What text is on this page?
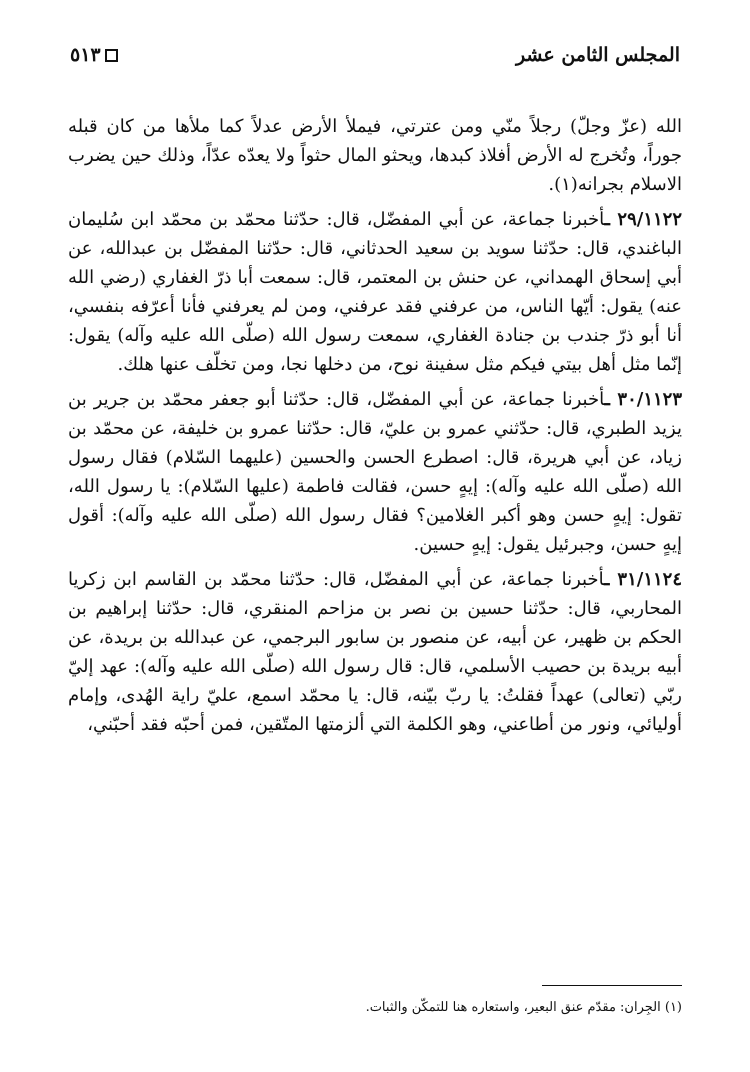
المجلس الثامن عشر
٥١٣

الله (عزّ وجلّ) رجلاً منّي ومن عترتي، فيملأ الأرض عدلاً كما ملأها من كان قبله جوراً، وتُخرج له الأرض أفلاذ كبدها، ويحثو المال حثواً ولا يعدّه عدّاً، وذلك حين يضرب الاسلام بجرانه(١).

٢٩/١١٢٢ ـأخبرنا جماعة، عن أبي المفضّل، قال: حدّثنا محمّد بن محمّد ابن سُليمان الباغندي، قال: حدّثنا سويد بن سعيد الحدثاني، قال: حدّثنا المفضّل بن عبدالله، عن أبي إسحاق الهمداني، عن حنش بن المعتمر، قال: سمعت أبا ذرّ الغفاري (رضي الله عنه) يقول: أيّها الناس، من عرفني فقد عرفني، ومن لم يعرفني فأنا أعرّفه بنفسي، أنا أبو ذرّ جندب بن جنادة الغفاري، سمعت رسول الله (صلّى الله عليه وآله) يقول: إنّما مثل أهل بيتي فيكم مثل سفينة نوح، من دخلها نجا، ومن تخلّف عنها هلك.

٣٠/١١٢٣ ـأخبرنا جماعة، عن أبي المفضّل، قال: حدّثنا أبو جعفر محمّد بن جرير بن يزيد الطبري، قال: حدّثني عمرو بن عليّ، قال: حدّثنا عمرو بن خليفة، عن محمّد بن زياد، عن أبي هريرة، قال: اصطرع الحسن والحسين (عليهما السّلام) فقال رسول الله (صلّى الله عليه وآله): إيهٍ حسن، فقالت فاطمة (عليها السّلام): يا رسول الله، تقول: إيهٍ حسن وهو أكبر الغلامين؟ فقال رسول الله (صلّى الله عليه وآله): أقول إيهٍ حسن، وجبرئيل يقول: إيهٍ حسين.

٣١/١١٢٤ ـأخبرنا جماعة، عن أبي المفضّل، قال: حدّثنا محمّد بن القاسم ابن زكريا المحاربي، قال: حدّثنا حسين بن نصر بن مزاحم المنقري، قال: حدّثنا إبراهيم بن الحكم بن ظهير، عن أبيه، عن منصور بن سابور البرجمي، عن عبدالله بن بريدة، عن أبيه بريدة بن حصيب الأسلمي، قال: قال رسول الله (صلّى الله عليه وآله): عهد إليّ ربّي (تعالى) عهداً فقلتُ: يا ربّ بيّنه، قال: يا محمّد اسمع، عليّ راية الهُدى، وإمام أوليائي، ونور من أطاعني، وهو الكلمة التي ألزمتها المتّقين، فمن أحبّه فقد أحبّني،

(١) الجِران: مقدّم عنق البعير، واستعاره هنا للتمكّن والثبات.
